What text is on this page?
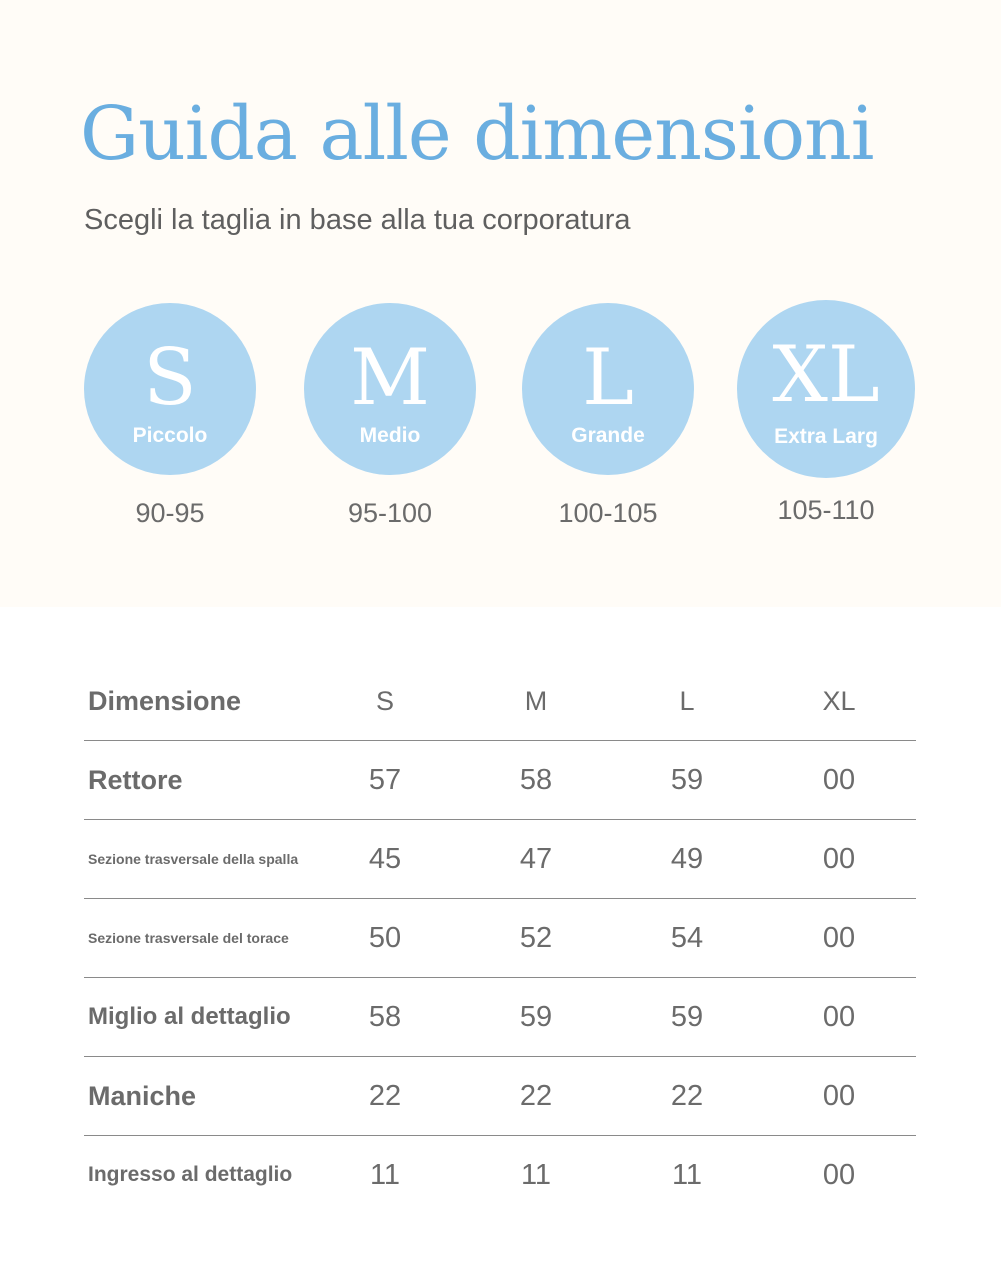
Guida alle dimensioni
Scegli la taglia in base alla tua corporatura
S
Piccolo
90-95
M
Medio
95-100
L
Grande
100-105
XL
Extra Larg
105-110
Dimensione	S	M	L	XL
Rettore	57	58	59	00
Sezione trasversale della spalla	45	47	49	00
Sezione trasversale del torace	50	52	54	00
Miglio al dettaglio	58	59	59	00
Maniche	22	22	22	00
Ingresso al dettaglio	11	11	11	00
